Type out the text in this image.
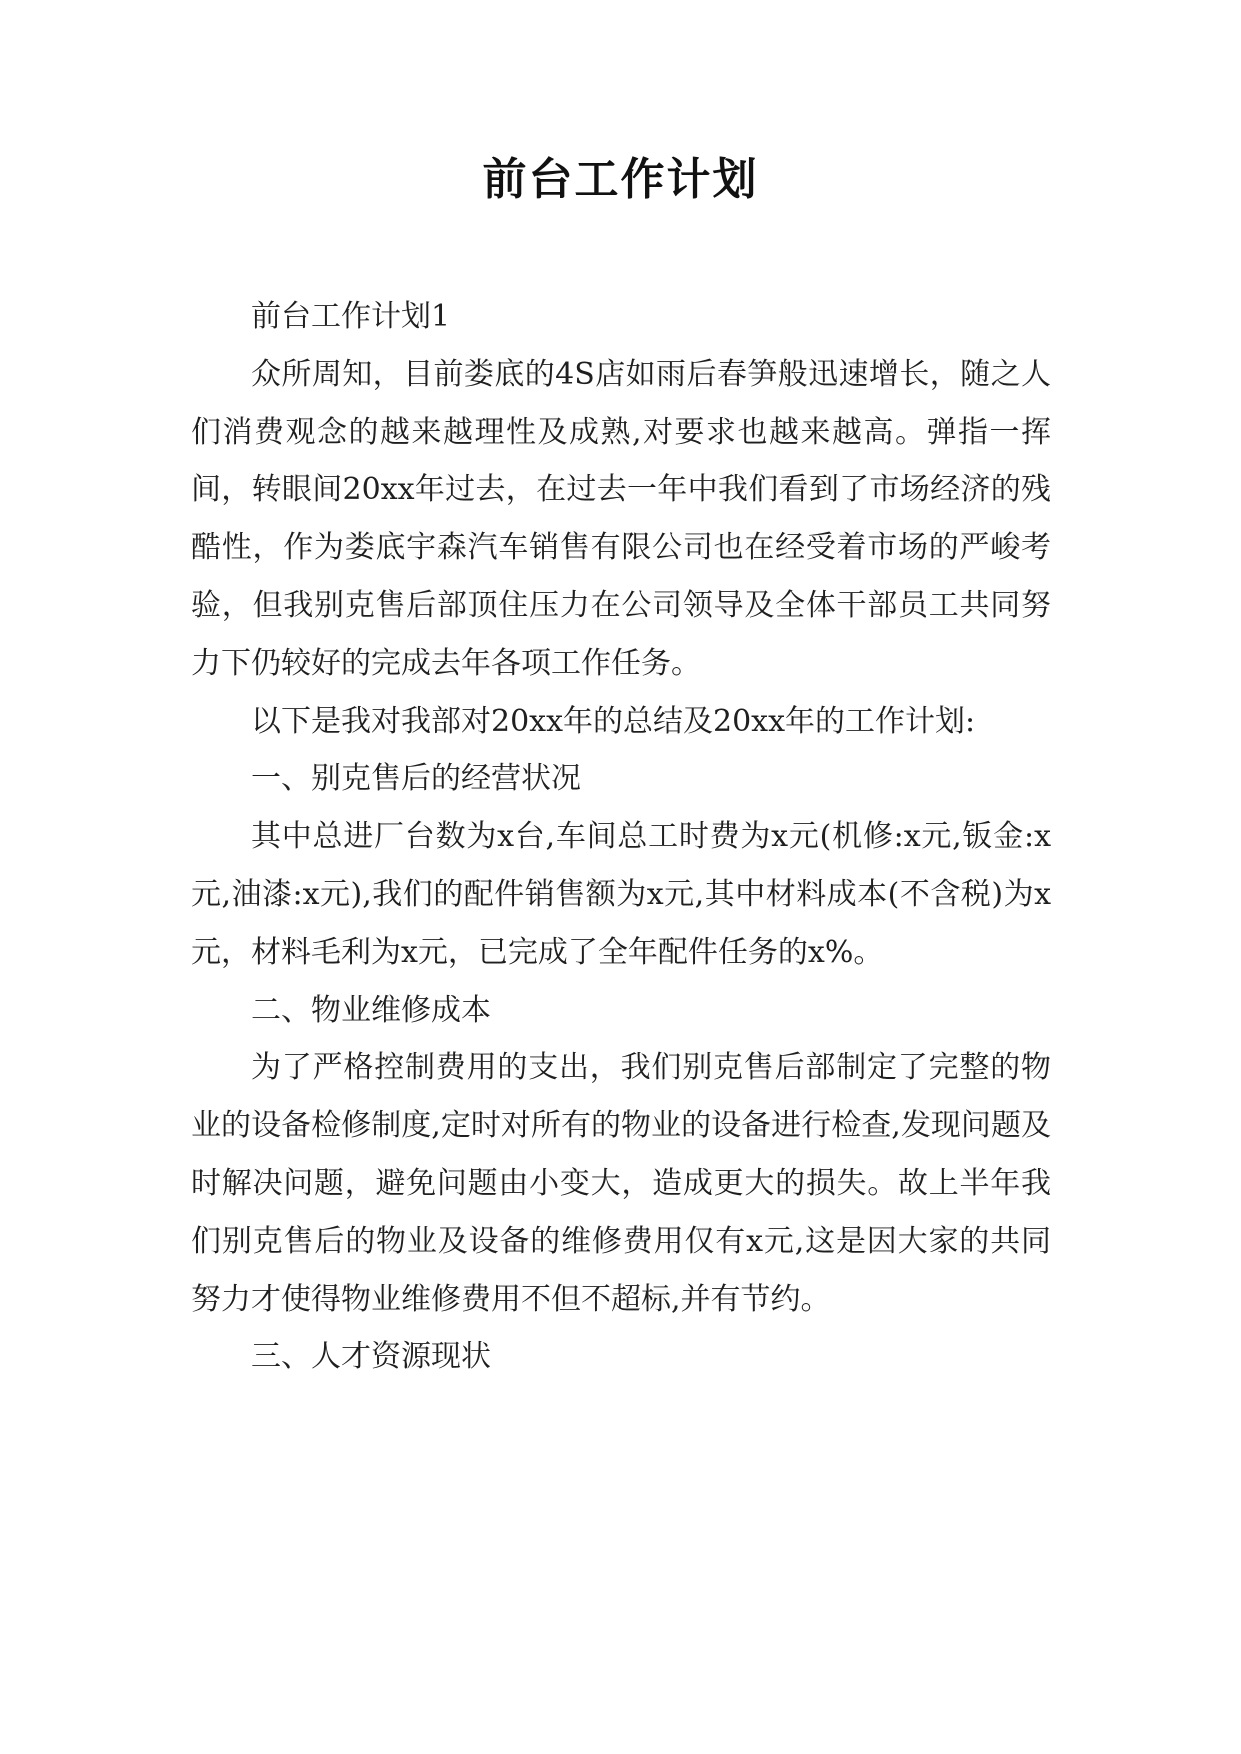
前台工作计划

前台工作计划1

众所周知，目前娄底的4S店如雨后春笋般迅速增长，随之人们消费观念的越来越理性及成熟,对要求也越来越高。弹指一挥间，转眼间20xx年过去，在过去一年中我们看到了市场经济的残酷性，作为娄底宇森汽车销售有限公司也在经受着市场的严峻考验，但我别克售后部顶住压力在公司领导及全体干部员工共同努力下仍较好的完成去年各项工作任务。

以下是我对我部对20xx年的总结及20xx年的工作计划:

一、别克售后的经营状况

其中总进厂台数为x台,车间总工时费为x元(机修:x元,钣金:x元,油漆:x元),我们的配件销售额为x元,其中材料成本(不含税)为x元，材料毛利为x元，已完成了全年配件任务的x%。

二、物业维修成本

为了严格控制费用的支出，我们别克售后部制定了完整的物业的设备检修制度,定时对所有的物业的设备进行检查,发现问题及时解决问题，避免问题由小变大，造成更大的损失。故上半年我们别克售后的物业及设备的维修费用仅有x元,这是因大家的共同努力才使得物业维修费用不但不超标,并有节约。

三、人才资源现状
